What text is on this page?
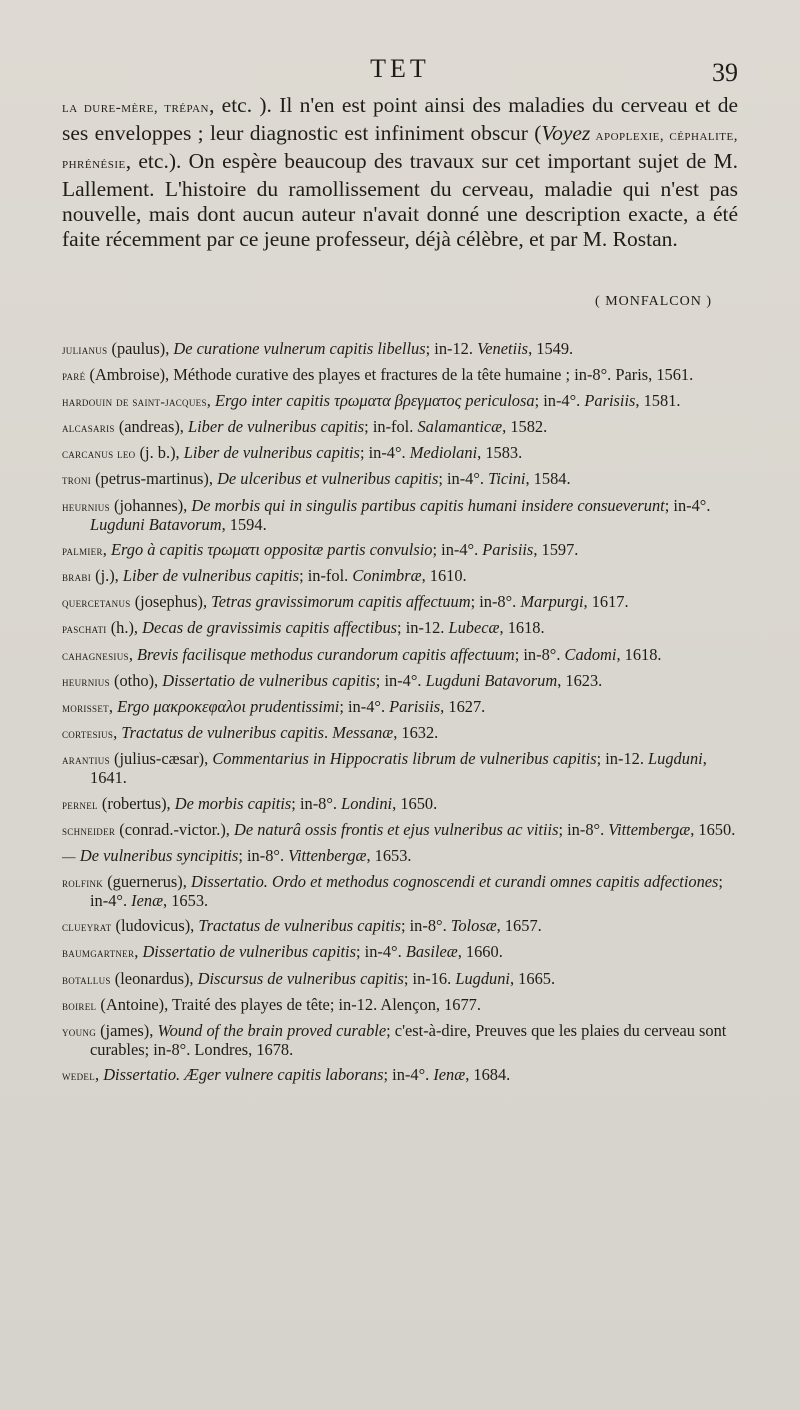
TET	39
la dure-mère, trépan, etc. ). Il n'en est point ainsi des maladies du cerveau et de ses enveloppes ; leur diagnostic est infiniment obscur (Voyez apoplexie, céphalite, phrénésie, etc.). On espère beaucoup des travaux sur cet important sujet de M. Lallement. L'histoire du ramollissement du cerveau, maladie qui n'est pas nouvelle, mais dont aucun auteur n'avait donné une description exacte, a été faite récemment par ce jeune professeur, déjà célèbre, et par M. Rostan.
( MONFALCON )
julianus (paulus), De curatione vulnerum capitis libellus; in-12. Venetiis, 1549.
paré (Ambroise), Méthode curative des playes et fractures de la tête humaine ; in-8°. Paris, 1561.
hardouin de saint-jacques, Ergo inter capitis τρωματα βρεγματος periculosa; in-4°. Parisiis, 1581.
alcasaris (andreas), Liber de vulneribus capitis; in-fol. Salamanticæ, 1582.
carcanus leo (j. b.), Liber de vulneribus capitis; in-4°. Mediolani, 1583.
troni (petrus-martinus), De ulceribus et vulneribus capitis; in-4°. Ticini, 1584.
heurnius (johannes), De morbis qui in singulis partibus capitis humani insidere consueverunt; in-4°. Lugduni Batavorum, 1594.
palmier, Ergo à capitis τρωματι oppositæ partis convulsio; in-4°. Parisiis, 1597.
brabi (j.), Liber de vulneribus capitis; in-fol. Conimbræ, 1610.
quercetanus (josephus), Tetras gravissimorum capitis affectuum; in-8°. Marpurgi, 1617.
paschati (h.), Decas de gravissimis capitis affectibus; in-12. Lubecæ, 1618.
cahagnesius, Brevis facilisque methodus curandorum capitis affectuum; in-8°. Cadomi, 1618.
heurnius (otho), Dissertatio de vulneribus capitis; in-4°. Lugduni Batavorum, 1623.
morisset, Ergo μακροκεφαλοι prudentissimi; in-4°. Parisiis, 1627.
cortesius, Tractatus de vulneribus capitis. Messanæ, 1632.
arantius (julius-cæsar), Commentarius in Hippocratis librum de vulneribus capitis; in-12. Lugduni, 1641.
pernel (robertus), De morbis capitis; in-8°. Londini, 1650.
schneider (conrad.-victor.), De naturâ ossis frontis et ejus vulneribus ac vitiis; in-8°. Vittembergæ, 1650.
— De vulneribus syncipitis; in-8°. Vittenbergæ, 1653.
rolfink (guernerus), Dissertatio. Ordo et methodus cognoscendi et curandi omnes capitis adfectiones; in-4°. Ienæ, 1653.
clueyrat (ludovicus), Tractatus de vulneribus capitis; in-8°. Tolosæ, 1657.
baumgartner, Dissertatio de vulneribus capitis; in-4°. Basileæ, 1660.
botallus (leonardus), Discursus de vulneribus capitis; in-16. Lugduni, 1665.
boirel (Antoine), Traité des playes de tête; in-12. Alençon, 1677.
young (james), Wound of the brain proved curable; c'est-à-dire, Preuves que les plaies du cerveau sont curables; in-8°. Londres, 1678.
wedel, Dissertatio. Æger vulnere capitis laborans; in-4°. Ienæ, 1684.
